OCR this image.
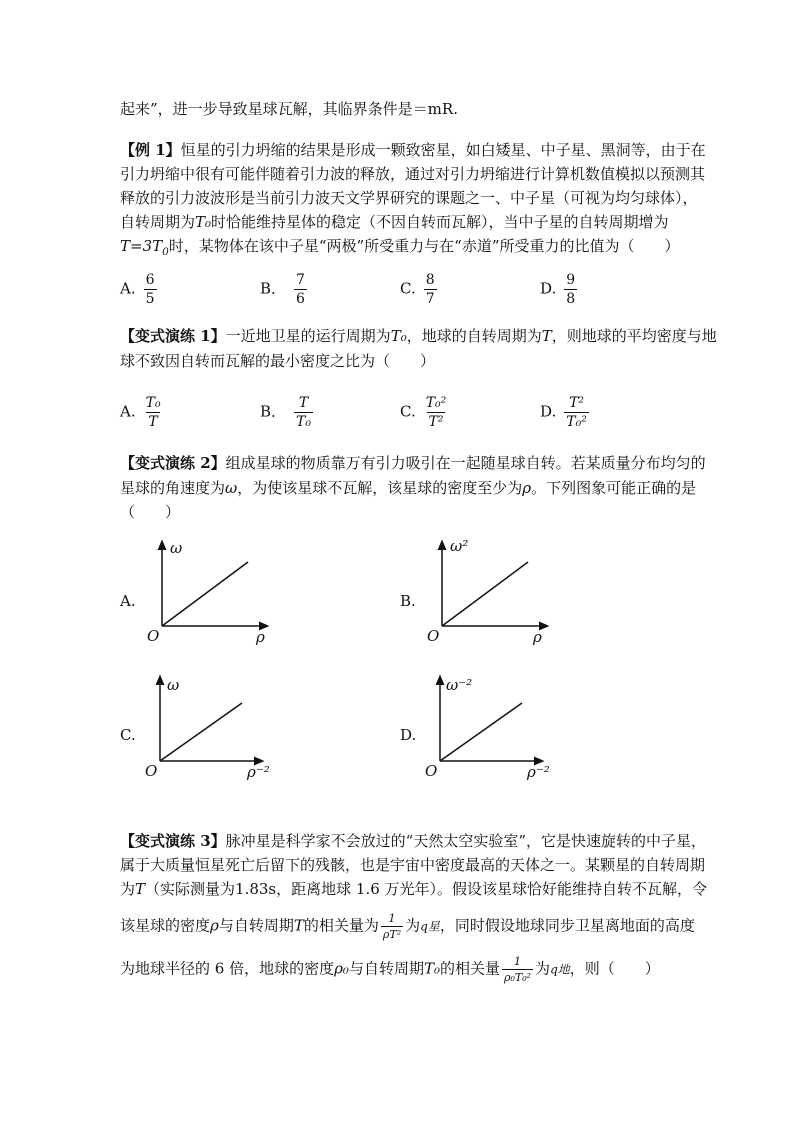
起来”，进一步导致星球瓦解，其临界条件是＝mR.
【例 1】恒星的引力坍缩的结果是形成一颗致密星，如白矮星、中子星、黑洞等，由于在
引力坍缩中很有可能伴随着引力波的释放，通过对引力坍缩进行计算机数值模拟以预测其
释放的引力波波形是当前引力波天文学界研究的课题之一、中子星（可视为均匀球体），
自转周期为T₀时恰能维持星体的稳定（不因自转而瓦解），当中子星的自转周期增为
$T=3T_0$时，某物体在该中子星“两极”所受重力与在“赤道”所受重力的比值为（　　）
A. $\frac{6}{5}$	B． $\frac{7}{6}$	C. $\frac{8}{7}$	D. $\frac{9}{8}$
【变式演练 1】一近地卫星的运行周期为T₀，地球的自转周期为T，则地球的平均密度与地
球不致因自转而瓦解的最小密度之比为（　　）
A. $\frac{\text{T₀}}{T}$	B． $\frac{T}{\text{T₀}}$	C. $\frac{\text{T₀²}}{\text{T²}}$	D. $\frac{\text{T²}}{\text{T₀²}}$
【变式演练 2】组成星球的物质靠万有引力吸引在一起随星球自转。若某质量分布均匀的
星球的角速度为ω，为使该星球不瓦解，该星球的密度至少为ρ。下列图象可能正确的是
（　　）
A.
ω
O	ρ
B.
ω²
O	ρ
C.
ω
O	ρ⁻²
D.
ω⁻²
O	ρ⁻²
【变式演练 3】脉冲星是科学家不会放过的“天然太空实验室”，它是快速旋转的中子星，
属于大质量恒星死亡后留下的残骸，也是宇宙中密度最高的天体之一。某颗星的自转周期
为T（实际测量为1.83s，距离地球 1.6 万光年）。假设该星球恰好能维持自转不瓦解，令
该星球的密度ρ与自转周期T的相关量为 $\frac{1}{\text{ρT²}}$ 为q星，同时假设地球同步卫星离地面的高度
为地球半径的 6 倍，地球的密度ρ₀与自转周期T₀的相关量 $\frac{1}{\text{ρ₀T₀²}}$ 为q地，则（　　）
